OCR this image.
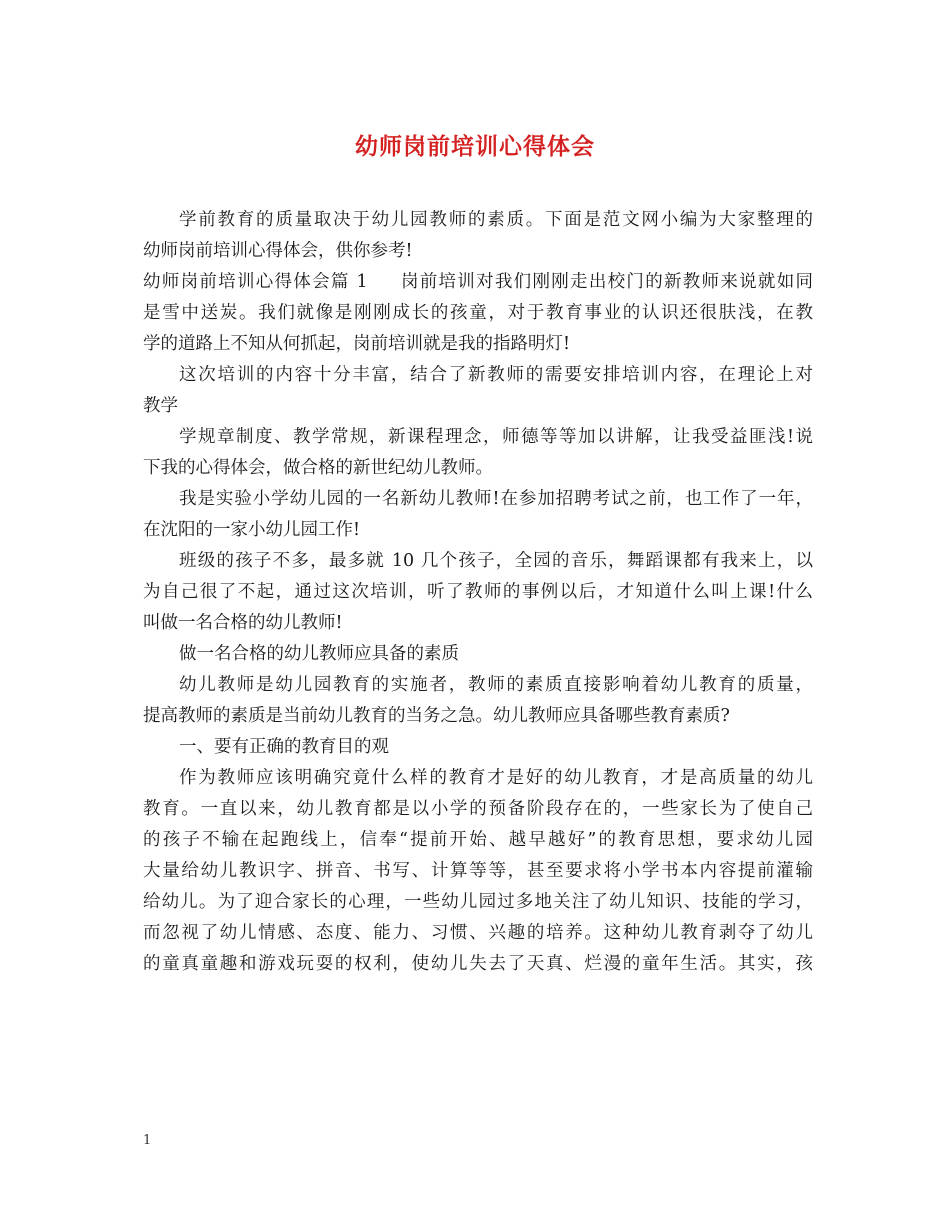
幼师岗前培训心得体会
学前教育的质量取决于幼儿园教师的素质。下面是范文网小编为大家整理的
幼师岗前培训心得体会，供你参考!
幼师岗前培训心得体会篇 1 岗前培训对我们刚刚走出校门的新教师来说就如同
是雪中送炭。我们就像是刚刚成长的孩童，对于教育事业的认识还很肤浅，在教
学的道路上不知从何抓起，岗前培训就是我的指路明灯!
这次培训的内容十分丰富，结合了新教师的需要安排培训内容，在理论上对
教学
学规章制度、教学常规，新课程理念，师德等等加以讲解，让我受益匪浅!说
下我的心得体会，做合格的新世纪幼儿教师。
我是实验小学幼儿园的一名新幼儿教师!在参加招聘考试之前，也工作了一年，
在沈阳的一家小幼儿园工作!
班级的孩子不多，最多就 10 几个孩子，全园的音乐，舞蹈课都有我来上，以
为自己很了不起，通过这次培训，听了教师的事例以后，才知道什么叫上课!什么
叫做一名合格的幼儿教师!
做一名合格的幼儿教师应具备的素质
幼儿教师是幼儿园教育的实施者，教师的素质直接影响着幼儿教育的质量，
提高教师的素质是当前幼儿教育的当务之急。幼儿教师应具备哪些教育素质?
一、要有正确的教育目的观
作为教师应该明确究竟什么样的教育才是好的幼儿教育，才是高质量的幼儿
教育。一直以来，幼儿教育都是以小学的预备阶段存在的，一些家长为了使自己
的孩子不输在起跑线上，信奉“提前开始、越早越好”的教育思想，要求幼儿园
大量给幼儿教识字、拼音、书写、计算等等，甚至要求将小学书本内容提前灌输
给幼儿。为了迎合家长的心理，一些幼儿园过多地关注了幼儿知识、技能的学习，
而忽视了幼儿情感、态度、能力、习惯、兴趣的培养。这种幼儿教育剥夺了幼儿
的童真童趣和游戏玩耍的权利，使幼儿失去了天真、烂漫的童年生活。其实，孩
1
